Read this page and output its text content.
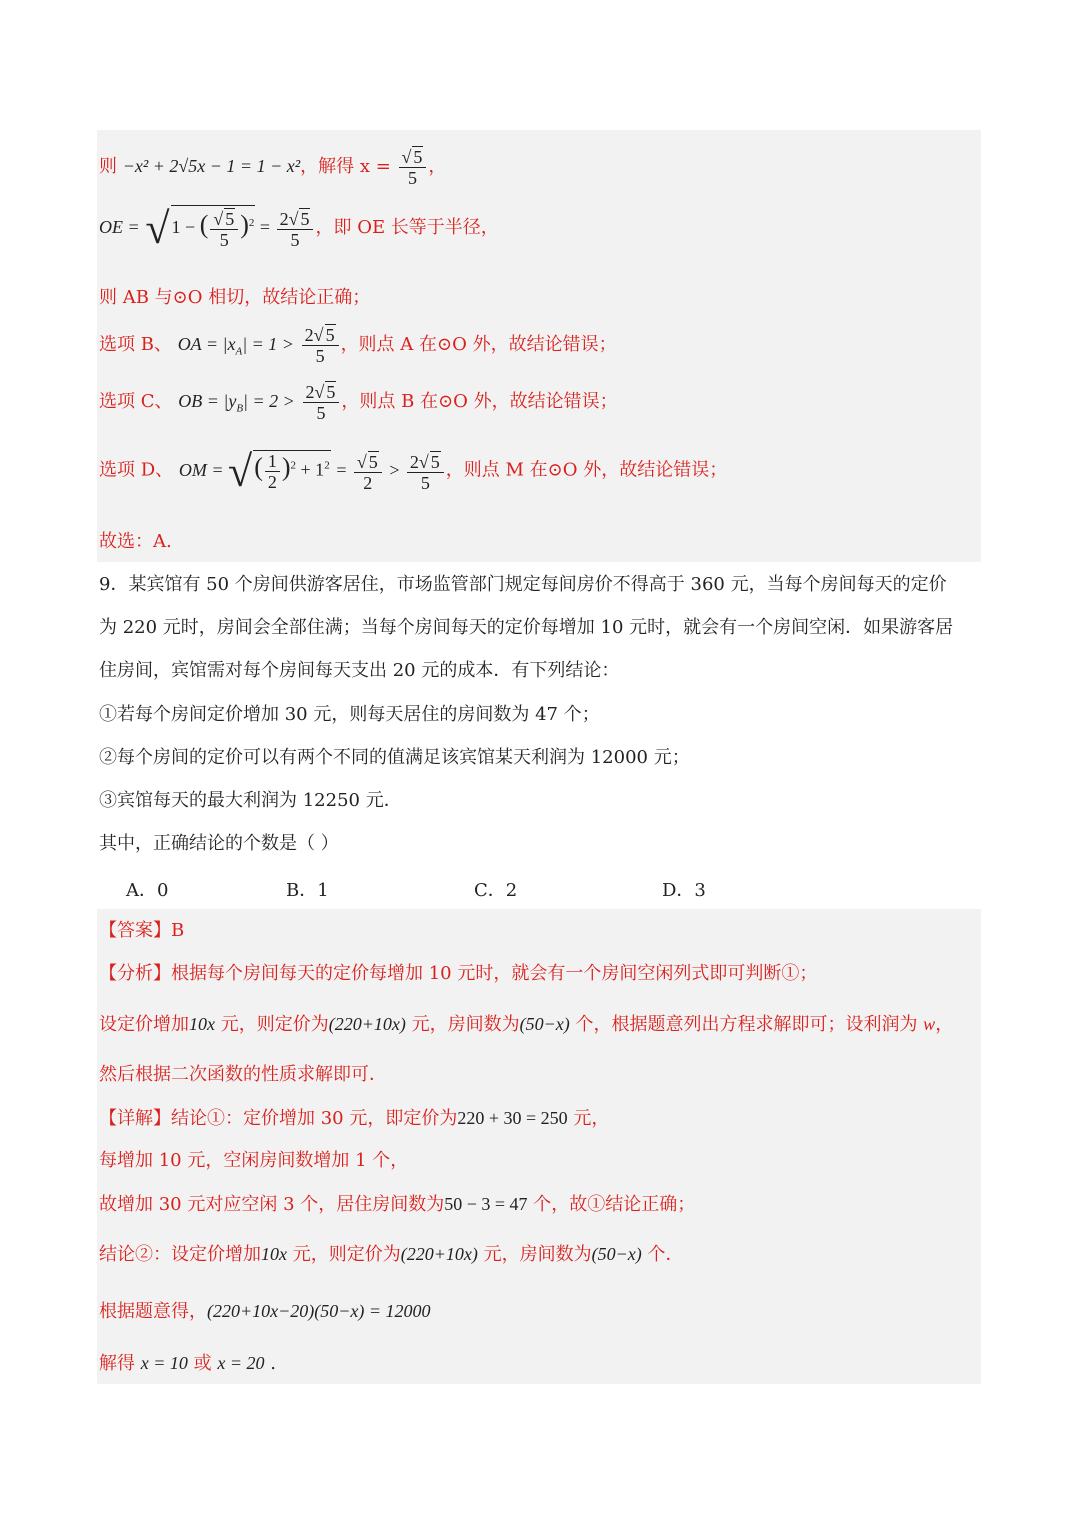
则 −x² + 2√5x − 1 = 1 − x²，解得 $x = \frac{√ 5}{5}$ ，
OE = √ 1 − ( $\frac{√ 5}{5} )^2 = \frac{2√ 5}{5}$ ，即 OE 长等于半径，
则 AB 与⊙O 相切，故结论正确；
选项 B、 OA = $|x_A| = 1 > \frac{2√ 5}{5}$ ，则点 A 在⊙O 外，故结论错误；
选项 C、 OB = $|y_B| = 2 > \frac{2√ 5}{5}$ ，则点 B 在⊙O 外，故结论错误；
选项 D、 OM = √( $\frac{1}{2} )^2 + 1^2 = \frac{√ 5}{2} > \frac{2√ 5}{5}$ ，则点 M 在⊙O 外，故结论错误；
故选：A.
9．某宾馆有 50 个房间供游客居住，市场监管部门规定每间房价不得高于 360 元，当每个房间每天的定价
为 220 元时，房间会全部住满；当每个房间每天的定价每增加 10 元时，就会有一个房间空闲．如果游客居
住房间，宾馆需对每个房间每天支出 20 元的成本．有下列结论：
①若每个房间定价增加 30 元，则每天居住的房间数为 47 个；
②每个房间的定价可以有两个不同的值满足该宾馆某天利润为 12000 元；
③宾馆每天的最大利润为 12250 元．
其中，正确结论的个数是（ ）
A．0	B．1	C．2	D．3
【答案】B
【分析】根据每个房间每天的定价每增加 10 元时，就会有一个房间空闲列式即可判断①；
设定价增加10x 元，则定价为(220+10x) 元，房间数为(50−x) 个，根据题意列出方程求解即可；设利润为 w，
然后根据二次函数的性质求解即可．
【详解】结论①：定价增加 30 元，即定价为220 + 30 = 250 元，
每增加 10 元，空闲房间数增加 1 个，
故增加 30 元对应空闲 3 个，居住房间数为50 − 3 = 47 个，故①结论正确；
结论②：设定价增加10x 元，则定价为(220+10x) 元，房间数为(50−x) 个．
根据题意得，(220+10x−20)(50−x) = 12000
解得 x = 10 或 x = 20 .
